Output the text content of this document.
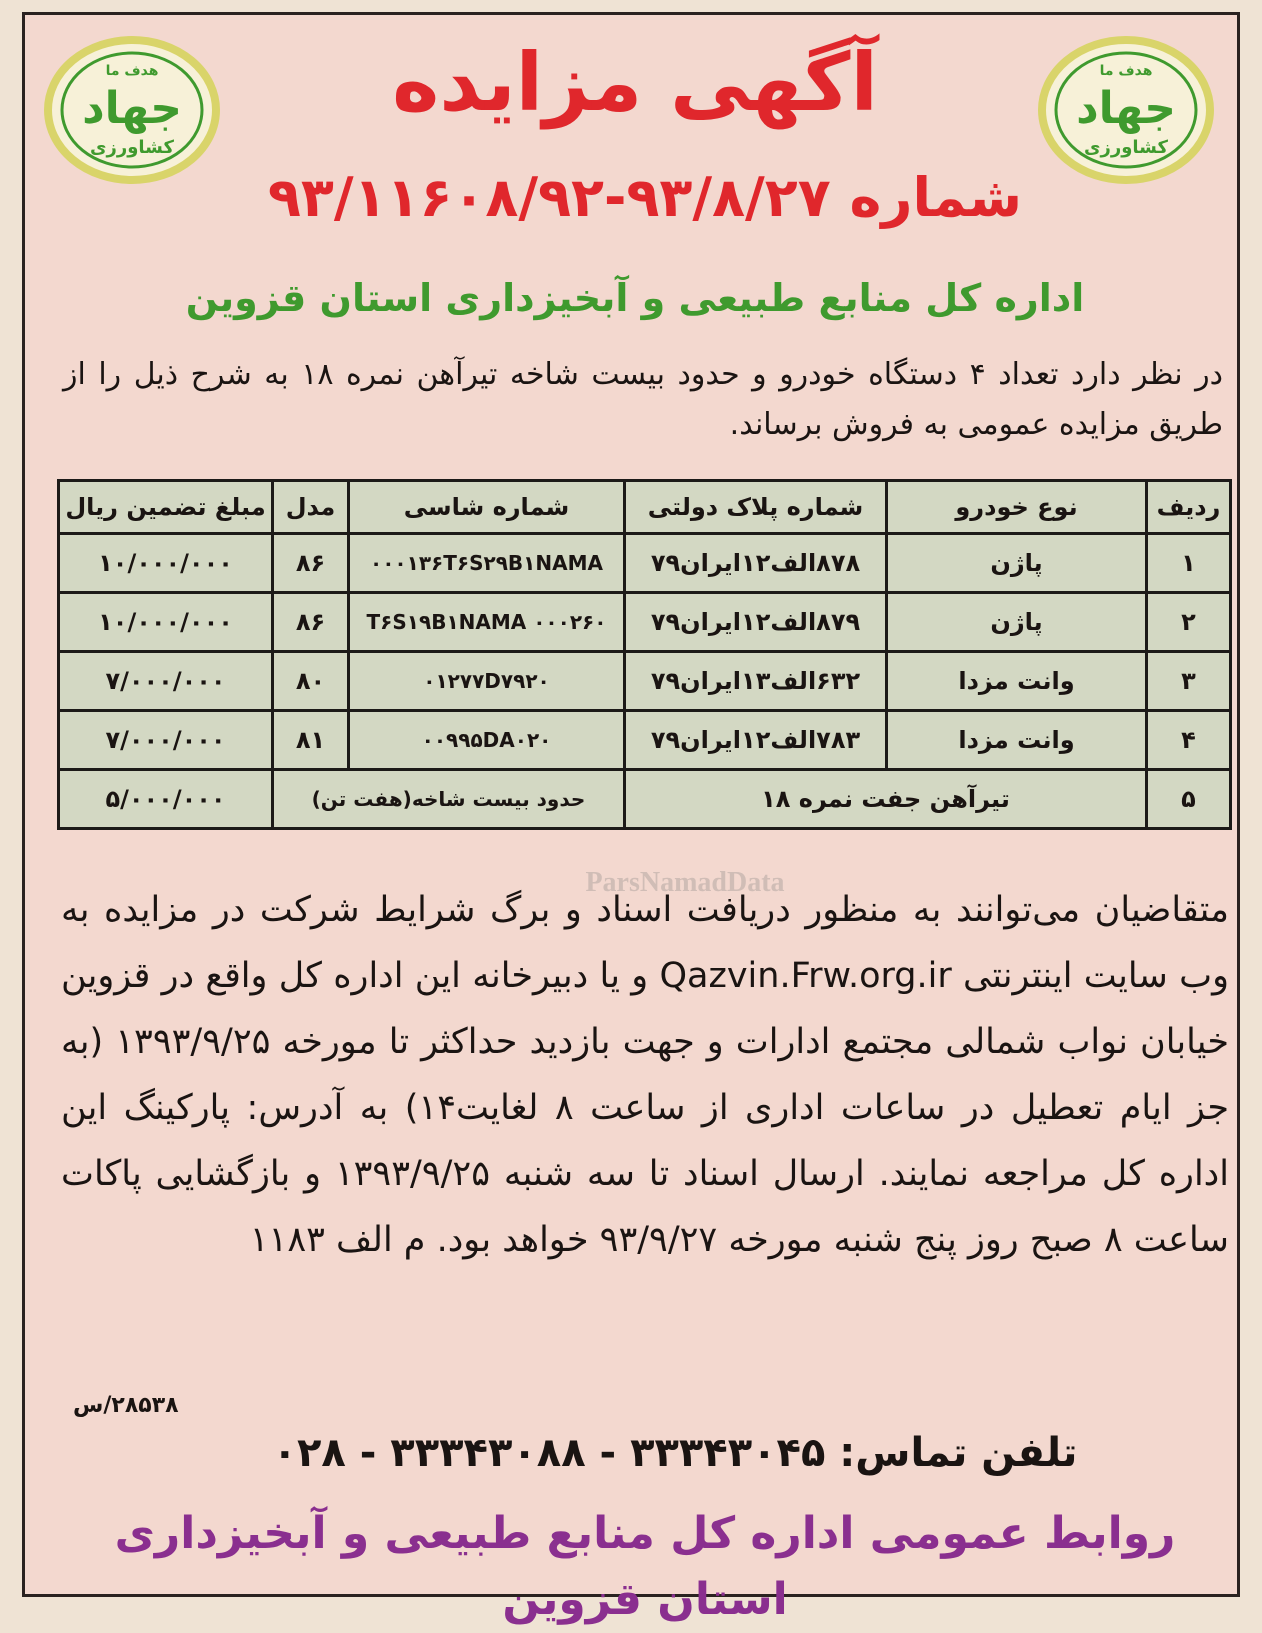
هدف ما
جهاد
کشاورزی
هدف ما
جهاد
کشاورزی
آگهی مزایده
شماره ۹۳/۸/۲۷-۹۳/۱۱۶۰۸/۹۲
اداره کل منابع طبیعی و آبخیزداری استان قزوین
در نظر دارد تعداد ۴ دستگاه خودرو و حدود بیست شاخه تیرآهن نمره ۱۸ به شرح ذیل را از طریق مزایده عمومی به فروش برساند.
ردیف	نوع خودرو	شماره پلاک دولتی	شماره شاسی	مدل	مبلغ تضمین ریال
۱	پاژن	۸۷۸الف۱۲ایران۷۹	۰۰۰۱۳۶T۶S۲۹B۱NAMA	۸۶	۱۰/۰۰۰/۰۰۰
۲	پاژن	۸۷۹الف۱۲ایران۷۹	T۶S۱۹B۱NAMA ۰۰۰۲۶۰	۸۶	۱۰/۰۰۰/۰۰۰
۳	وانت مزدا	۶۳۲الف۱۳ایران۷۹	۰۱۲۷۷D۷۹۲۰	۸۰	۷/۰۰۰/۰۰۰
۴	وانت مزدا	۷۸۳الف۱۲ایران۷۹	۰۰۹۹۵DA۰۲۰	۸۱	۷/۰۰۰/۰۰۰
۵	تیرآهن جفت نمره ۱۸		حدود بیست شاخه(هفت تن)		۵/۰۰۰/۰۰۰
ParsNamadData
متقاضیان می‌توانند به منظور دریافت اسناد و برگ شرایط شرکت در مزایده به وب سایت اینترنتی Qazvin.Frw.org.ir و یا دبیرخانه این اداره کل واقع در قزوین خیابان نواب شمالی مجتمع ادارات و جهت بازدید حداکثر تا مورخه ۱۳۹۳/۹/۲۵ (به جز ایام تعطیل در ساعات اداری از ساعت ۸ لغایت۱۴) به آدرس: پارکینگ این اداره کل مراجعه نمایند. ارسال اسناد تا سه شنبه ۱۳۹۳/۹/۲۵ و بازگشایی پاکات ساعت ۸ صبح روز پنج شنبه مورخه ۹۳/۹/۲۷ خواهد بود. م الف ۱۱۸۳
۲۸۵۳۸/س
تلفن تماس: ۳۳۳۴۳۰۴۵ - ۳۳۳۴۳۰۸۸ - ۰۲۸
روابط عمومی اداره کل منابع طبیعی و آبخیزداری استان قزوین
